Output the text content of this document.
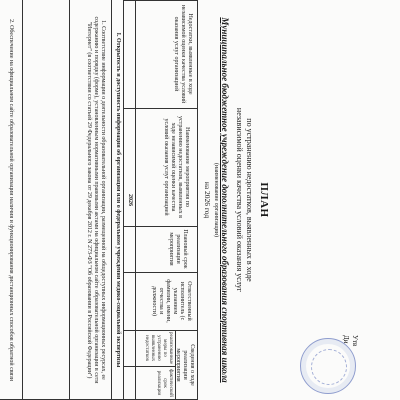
Утв
Ди
ПЛАН
по устранению недостатков, выявленных в ходе
независимой оценки качества условий оказания услуг
Муниципальное бюджетное учреждение дополнительного образования спортивная школа
(наименование организации)
на 2026 год
Недостатки, выявленные в ходе независимой оценки качества условий оказания услуг организацией
Наименование мероприятия по устранению недостатков, выявленных в ходе независимой оценки качества условий оказания услуг организацией
Плановый срок реализации мероприятия
Ответственный исполнитель (с указанием фамилии, имени, отчества и должности)
Сведения о ходе реализации мероприятия
реализованные меры по устранению выявленных недостатков
фактический срок реализации
2026
I. Открытость и доступность информации об организации или о федеральном учреждении медико-социальной экспертизы
1. Соответствие информации о деятельности образовательной организации, размещенной на общедоступных информационных ресурсах, ее содержанию и порядку (форме), установленным нормативными правовыми актами на официальном сайте образовательной организации в сети "Интернет" (в соответствии со статьей 29 Федерального закона от 29 декабря 2012 г. N 273-ФЗ "Об образовании в Российской Федерации")
2. Обеспечение на официальном сайте образовательной организации наличия и функционирования дистанционных способов обратной связи
